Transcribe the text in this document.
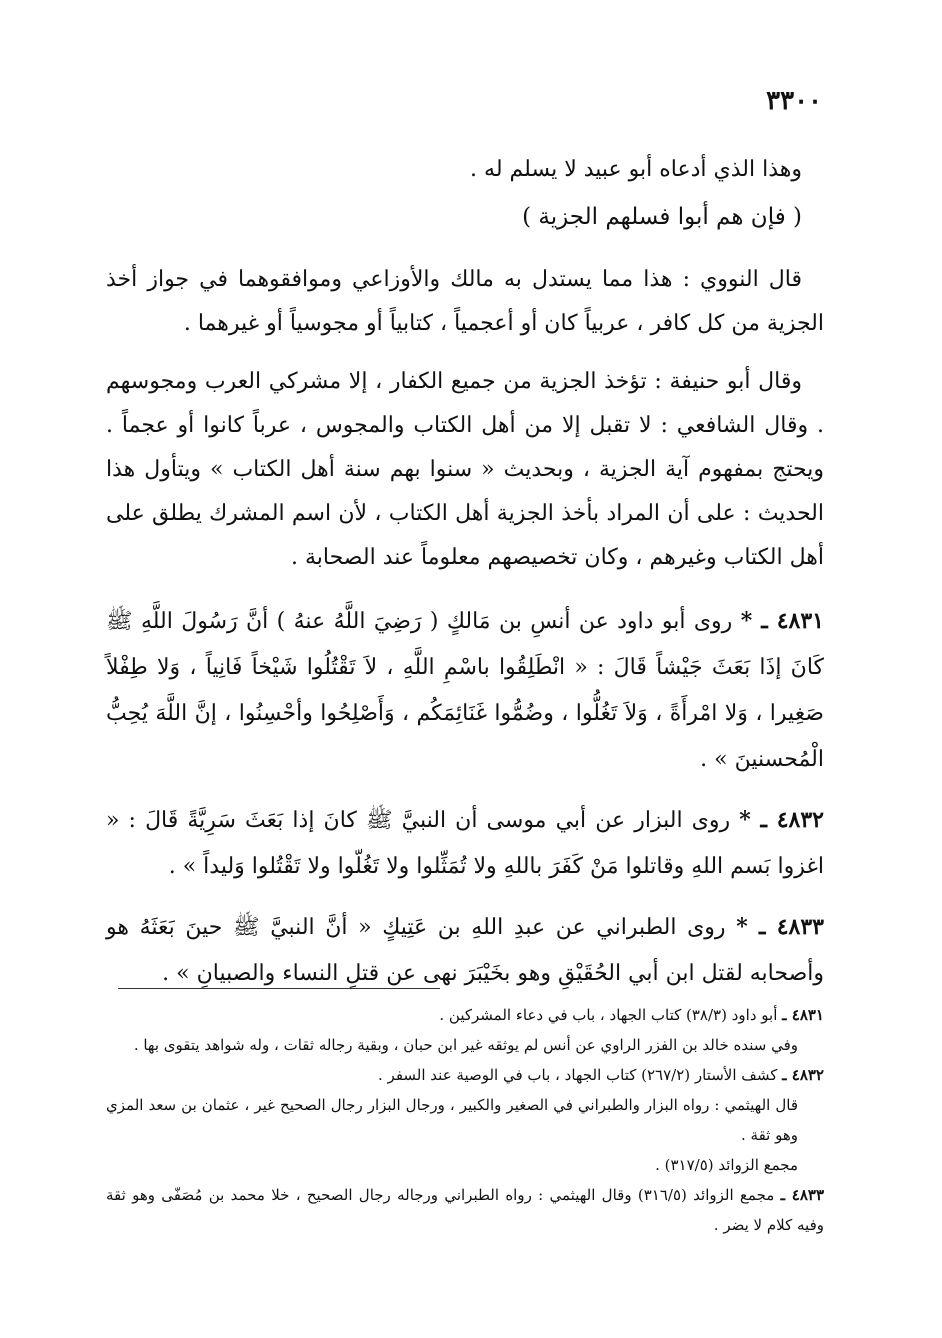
٣٣٠٠

وهذا الذي أدعاه أبو عبيد لا يسلم له .

( فإن هم أبوا فسلهم الجزية )

قال النووي : هذا مما يستدل به مالك والأوزاعي وموافقوهما في جواز أخذ الجزية من كل كافر ، عربياً كان أو أعجمياً ، كتابياً أو مجوسياً أو غيرهما .

وقال أبو حنيفة : تؤخذ الجزية من جميع الكفار ، إلا مشركي العرب ومجوسهم . وقال الشافعي : لا تقبل إلا من أهل الكتاب والمجوس ، عرباً كانوا أو عجماً . ويحتج بمفهوم آية الجزية ، وبحديث « سنوا بهم سنة أهل الكتاب » ويتأول هذا الحديث : على أن المراد بأخذ الجزية أهل الكتاب ، لأن اسم المشرك يطلق على أهل الكتاب وغيرهم ، وكان تخصيصهم معلوماً عند الصحابة .

٤٨٣١ ـ * روى أبو داود عن أنسِ بن مَالكٍ ( رَضِيَ اللَّهُ عنهُ ) أنَّ رَسُولَ اللَّهِ ﷺ كَانَ إذَا بَعَثَ جَيْشاً قَالَ : « انْطَلِقُوا باسْمِ اللَّهِ ، لاَ تَقْتُلُوا شَيْخاً فَانِياً ، وَلا طِفْلاً صَغِيرا ، وَلا امْرأَةً ، وَلاَ تَغُلُّوا ، وضُمُّوا غَنَائِمَكُم ، وَأَصْلِحُوا وأحْسِنُوا ، إنَّ اللَّهَ يُحِبُّ الْمُحسنينَ » .

٤٨٣٢ ـ * روى البزار عن أبي موسى أن النبيَّ ﷺ كانَ إذا بَعَثَ سَرِيَّةً قَالَ : « اغزوا بَسم اللهِ وقاتلوا مَنْ كَفَرَ باللهِ ولا تُمَثِّلوا ولا تَغُلّوا ولا تَقْتُلوا وَليداً » .

٤٨٣٣ ـ * روى الطبراني عن عبدِ اللهِ بن عَتِيكٍ « أنَّ النبيَّ ﷺ حينَ بَعَثَهُ هو وأصحابه لقتل ابن أبي الحُقَيْقِ وهو بخَيْبَرَ نهى عن قتلِ النساء والصبيانِ » .

٤٨٣١ ـ أبو داود (٣٨/٣) كتاب الجهاد ، باب في دعاء المشركين .

وفي سنده خالد بن الفزر الراوي عن أنس لم يوثقه غير ابن حبان ، وبقية رجاله ثقات ، وله شواهد يتقوى بها .

٤٨٣٢ ـ كشف الأستار (٢٦٧/٢) كتاب الجهاد ، باب في الوصية عند السفر .

قال الهيثمي : رواه البزار والطبراني في الصغير والكبير ، ورجال البزار رجال الصحيح غير ، عثمان بن سعد المزي وهو ثقة .

مجمع الزوائد (٣١٧/٥) .

٤٨٣٣ ـ مجمع الزوائد (٣١٦/٥) وقال الهيثمي : رواه الطبراني ورجاله رجال الصحيح ، خلا محمد بن مُصَفّى وهو ثقة وفيه كلام لا يضر .
